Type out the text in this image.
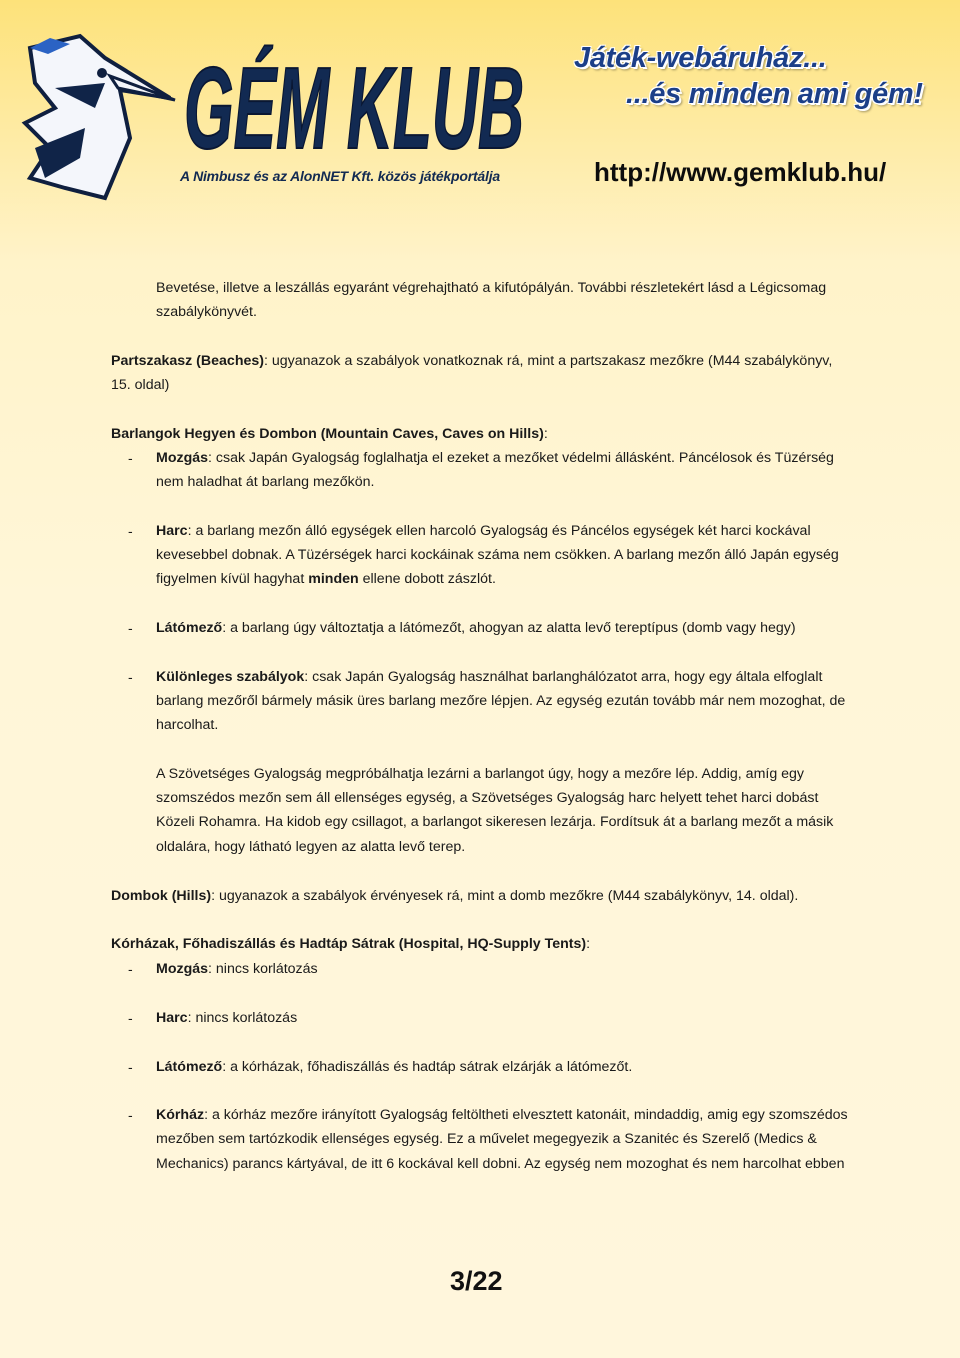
GÉM KLUB
A Nimbusz és az AlonNET Kft. közös játékportálja
Játék-webáruház...
...és minden ami gém!
http://www.gemklub.hu/
Bevetése, illetve a leszállás egyaránt végrehajtható a kifutópályán. További részletekért lásd a Légicsomag
szabálykönyvét.
Partszakasz (Beaches): ugyanazok a szabályok vonatkoznak rá, mint a partszakasz mezőkre (M44 szabálykönyv,
15. oldal)
Barlangok Hegyen és Dombon (Mountain Caves, Caves on Hills):
Mozgás: csak Japán Gyalogság foglalhatja el ezeket a mezőket védelmi állásként. Páncélosok és Tüzérség
nem haladhat át barlang mezőkön.
Harc: a barlang mezőn álló egységek ellen harcoló Gyalogság és Páncélos egységek két harci kockával
kevesebbel dobnak. A Tüzérségek harci kockáinak száma nem csökken. A barlang mezőn álló Japán egység
figyelmen kívül hagyhat minden ellene dobott zászlót.
Látómező: a barlang úgy változtatja a látómezőt, ahogyan az alatta levő tereptípus (domb vagy hegy)
Különleges szabályok: csak Japán Gyalogság használhat barlanghálózatot arra, hogy egy általa elfoglalt
barlang mezőről bármely másik üres barlang mezőre lépjen. Az egység ezután tovább már nem mozoghat, de
harcolhat.
A Szövetséges Gyalogság megpróbálhatja lezárni a barlangot úgy, hogy a mezőre lép. Addig, amíg egy
szomszédos mezőn sem áll ellenséges egység, a Szövetséges Gyalogság harc helyett tehet harci dobást
Közeli Rohamra. Ha kidob egy csillagot, a barlangot sikeresen lezárja. Fordítsuk át a barlang mezőt a másik
oldalára, hogy látható legyen az alatta levő terep.
Dombok (Hills): ugyanazok a szabályok érvényesek rá, mint a domb mezőkre (M44 szabálykönyv, 14. oldal).
Kórházak, Főhadiszállás és Hadtáp Sátrak (Hospital, HQ-Supply Tents):
Mozgás: nincs korlátozás
Harc: nincs korlátozás
Látómező: a kórházak, főhadiszállás és hadtáp sátrak elzárják a látómezőt.
Kórház: a kórház mezőre irányított Gyalogság feltöltheti elvesztett katonáit, mindaddig, amig egy szomszédos
mezőben sem tartózkodik ellenséges egység. Ez a művelet megegyezik a Szanitéc és Szerelő (Medics &
Mechanics) parancs kártyával, de itt 6 kockával kell dobni. Az egység nem mozoghat és nem harcolhat ebben
-
-
-
-
-
-
-
-
3/22
